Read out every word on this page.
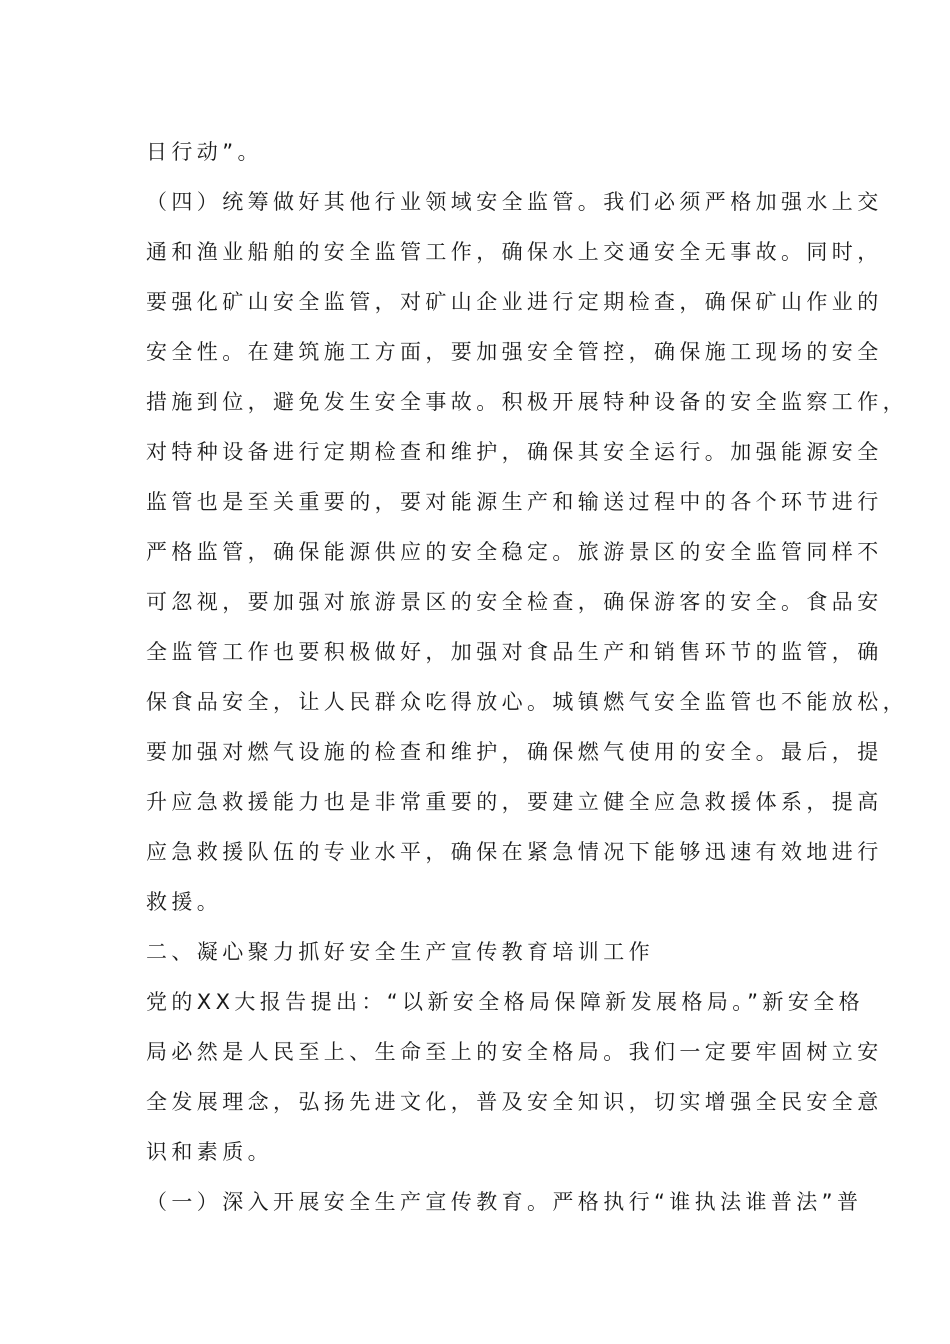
日行动”。
（四）统筹做好其他行业领域安全监管。我们必须严格加强水上交
通和渔业船舶的安全监管工作，确保水上交通安全无事故。同时，
要强化矿山安全监管，对矿山企业进行定期检查，确保矿山作业的
安全性。在建筑施工方面，要加强安全管控，确保施工现场的安全
措施到位，避免发生安全事故。积极开展特种设备的安全监察工作，
对特种设备进行定期检查和维护，确保其安全运行。加强能源安全
监管也是至关重要的，要对能源生产和输送过程中的各个环节进行
严格监管，确保能源供应的安全稳定。旅游景区的安全监管同样不
可忽视，要加强对旅游景区的安全检查，确保游客的安全。食品安
全监管工作也要积极做好，加强对食品生产和销售环节的监管，确
保食品安全，让人民群众吃得放心。城镇燃气安全监管也不能放松，
要加强对燃气设施的检查和维护，确保燃气使用的安全。最后，提
升应急救援能力也是非常重要的，要建立健全应急救援体系，提高
应急救援队伍的专业水平，确保在紧急情况下能够迅速有效地进行
救援。
二、凝心聚力抓好安全生产宣传教育培训工作
党的XX大报告提出：“以新安全格局保障新发展格局。”新安全格
局必然是人民至上、生命至上的安全格局。我们一定要牢固树立安
全发展理念，弘扬先进文化，普及安全知识，切实增强全民安全意
识和素质。
（一）深入开展安全生产宣传教育。严格执行“谁执法谁普法”普
